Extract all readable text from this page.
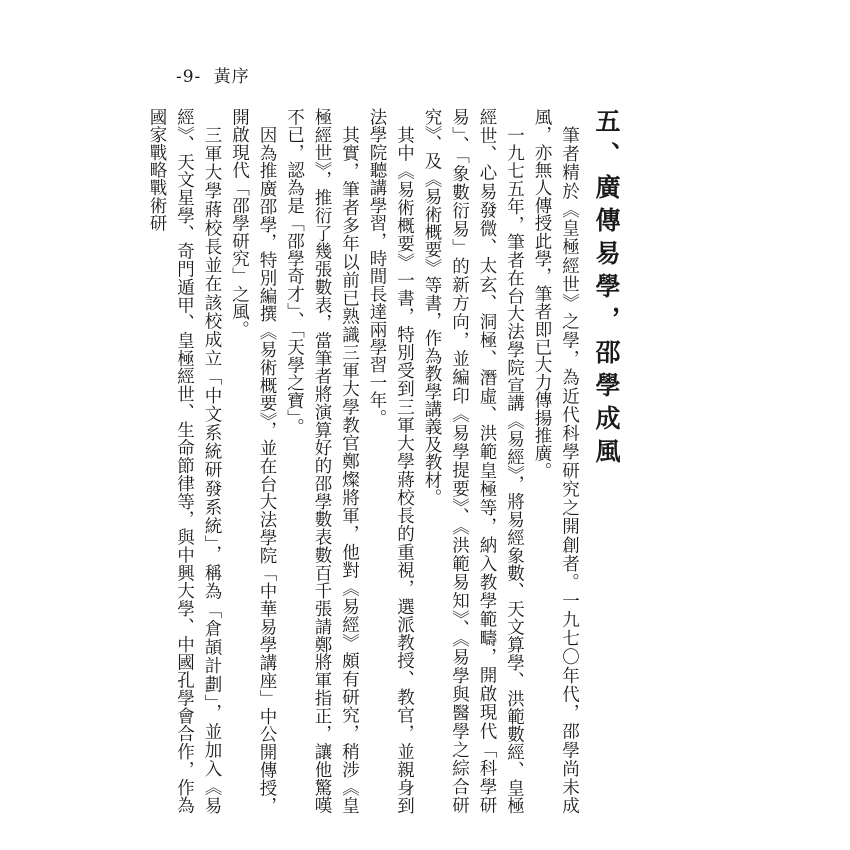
-9- 黃序
五、廣傳易學，邵學成風
筆者精於《皇極經世》之學，為近代科學研究之開創者。一九七〇年代，邵學尚未成風，亦無人傳授此學，筆者即已大力傳揚推廣。
一九七五年，筆者在台大法學院宣講《易經》，將易經象數、天文算學、洪範數經、皇極經世、心易發微、太玄、洞極、潛虛、洪範皇極等，納入教學範疇，開啟現代「科學研易」、「象數衍易」的新方向，並編印《易學提要》、《洪範易知》、《易學與醫學之綜合研究》、及《易術概要》等書，作為教學講義及教材。
其中《易術概要》一書，特別受到三軍大學蔣校長的重視，選派教授、教官，並親身到法學院聽講學習，時間長達兩學習一年。
其實，筆者多年以前已熟識三軍大學教官鄭燦將軍，他對《易經》頗有研究，稍涉《皇極經世》，推衍了幾張數表，當筆者將演算好的邵學數表數百千張請鄭將軍指正，讓他驚嘆不已，認為是「邵學奇才」、「天學之寶」。
因為推廣邵學，特別編撰《易術概要》，並在台大法學院「中華易學講座」中公開傳授，開啟現代「邵學研究」之風。
三軍大學蔣校長並在該校成立「中文系統研發系統」，稱為「倉頡計劃」，並加入《易經》、天文星學、奇門遁甲、皇極經世、生命節律等，與中興大學、中國孔學會合作，作為國家戰略戰術研
